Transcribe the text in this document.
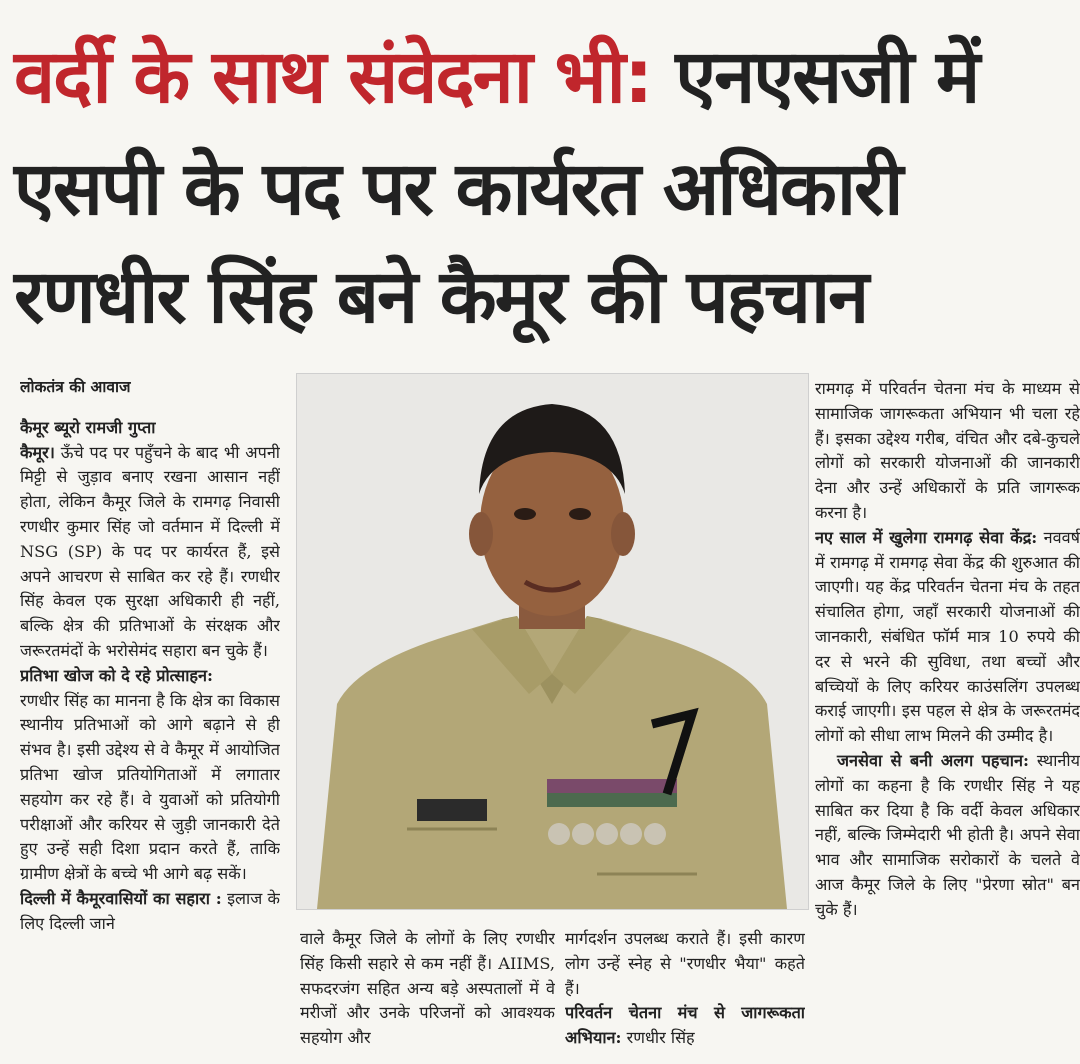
वर्दी के साथ संवेदना भी: एनएसजी में
एसपी के पद पर कार्यरत अधिकारी
रणधीर सिंह बने कैमूर की पहचान

लोकतंत्र की आवाज

कैमूर ब्यूरो रामजी गुप्ता

कैमूर। ऊँचे पद पर पहुँचने के बाद भी अपनी मिट्टी से जुड़ाव बनाए रखना आसान नहीं होता, लेकिन कैमूर जिले के रामगढ़ निवासी रणधीर कुमार सिंह जो वर्तमान में दिल्ली में NSG (SP) के पद पर कार्यरत हैं, इसे अपने आचरण से साबित कर रहे हैं। रणधीर सिंह केवल एक सुरक्षा अधिकारी ही नहीं, बल्कि क्षेत्र की प्रतिभाओं के संरक्षक और जरूरतमंदों के भरोसेमंद सहारा बन चुके हैं।

प्रतिभा खोज को दे रहे प्रोत्साहन:

रणधीर सिंह का मानना है कि क्षेत्र का विकास स्थानीय प्रतिभाओं को आगे बढ़ाने से ही संभव है। इसी उद्देश्य से वे कैमूर में आयोजित प्रतिभा खोज प्रतियोगिताओं में लगातार सहयोग कर रहे हैं। वे युवाओं को प्रतियोगी परीक्षाओं और करियर से जुड़ी जानकारी देते हुए उन्हें सही दिशा प्रदान करते हैं, ताकि ग्रामीण क्षेत्रों के बच्चे भी आगे बढ़ सकें।

दिल्ली में कैमूरवासियों का सहारा : इलाज के लिए दिल्ली जाने

वाले कैमूर जिले के लोगों के लिए रणधीर सिंह किसी सहारे से कम नहीं हैं। AIIMS, सफदरजंग सहित अन्य बड़े अस्पतालों में वे मरीजों और उनके परिजनों को आवश्यक सहयोग और

मार्गदर्शन उपलब्ध कराते हैं। इसी कारण लोग उन्हें स्नेह से "रणधीर भैया" कहते हैं।

परिवर्तन चेतना मंच से जागरूकता अभियान: रणधीर सिंह

रामगढ़ में परिवर्तन चेतना मंच के माध्यम से सामाजिक जागरूकता अभियान भी चला रहे हैं। इसका उद्देश्य गरीब, वंचित और दबे-कुचले लोगों को सरकारी योजनाओं की जानकारी देना और उन्हें अधिकारों के प्रति जागरूक करना है।

नए साल में खुलेगा रामगढ़ सेवा केंद्र: नववर्ष में रामगढ़ में रामगढ़ सेवा केंद्र की शुरुआत की जाएगी। यह केंद्र परिवर्तन चेतना मंच के तहत संचालित होगा, जहाँ सरकारी योजनाओं की जानकारी, संबंधित फॉर्म मात्र 10 रुपये की दर से भरने की सुविधा, तथा बच्चों और बच्चियों के लिए करियर काउंसलिंग उपलब्ध कराई जाएगी। इस पहल से क्षेत्र के जरूरतमंद लोगों को सीधा लाभ मिलने की उम्मीद है।

जनसेवा से बनी अलग पहचान: स्थानीय लोगों का कहना है कि रणधीर सिंह ने यह साबित कर दिया है कि वर्दी केवल अधिकार नहीं, बल्कि जिम्मेदारी भी होती है। अपने सेवा भाव और सामाजिक सरोकारों के चलते वे आज कैमूर जिले के लिए "प्रेरणा स्रोत" बन चुके हैं।
